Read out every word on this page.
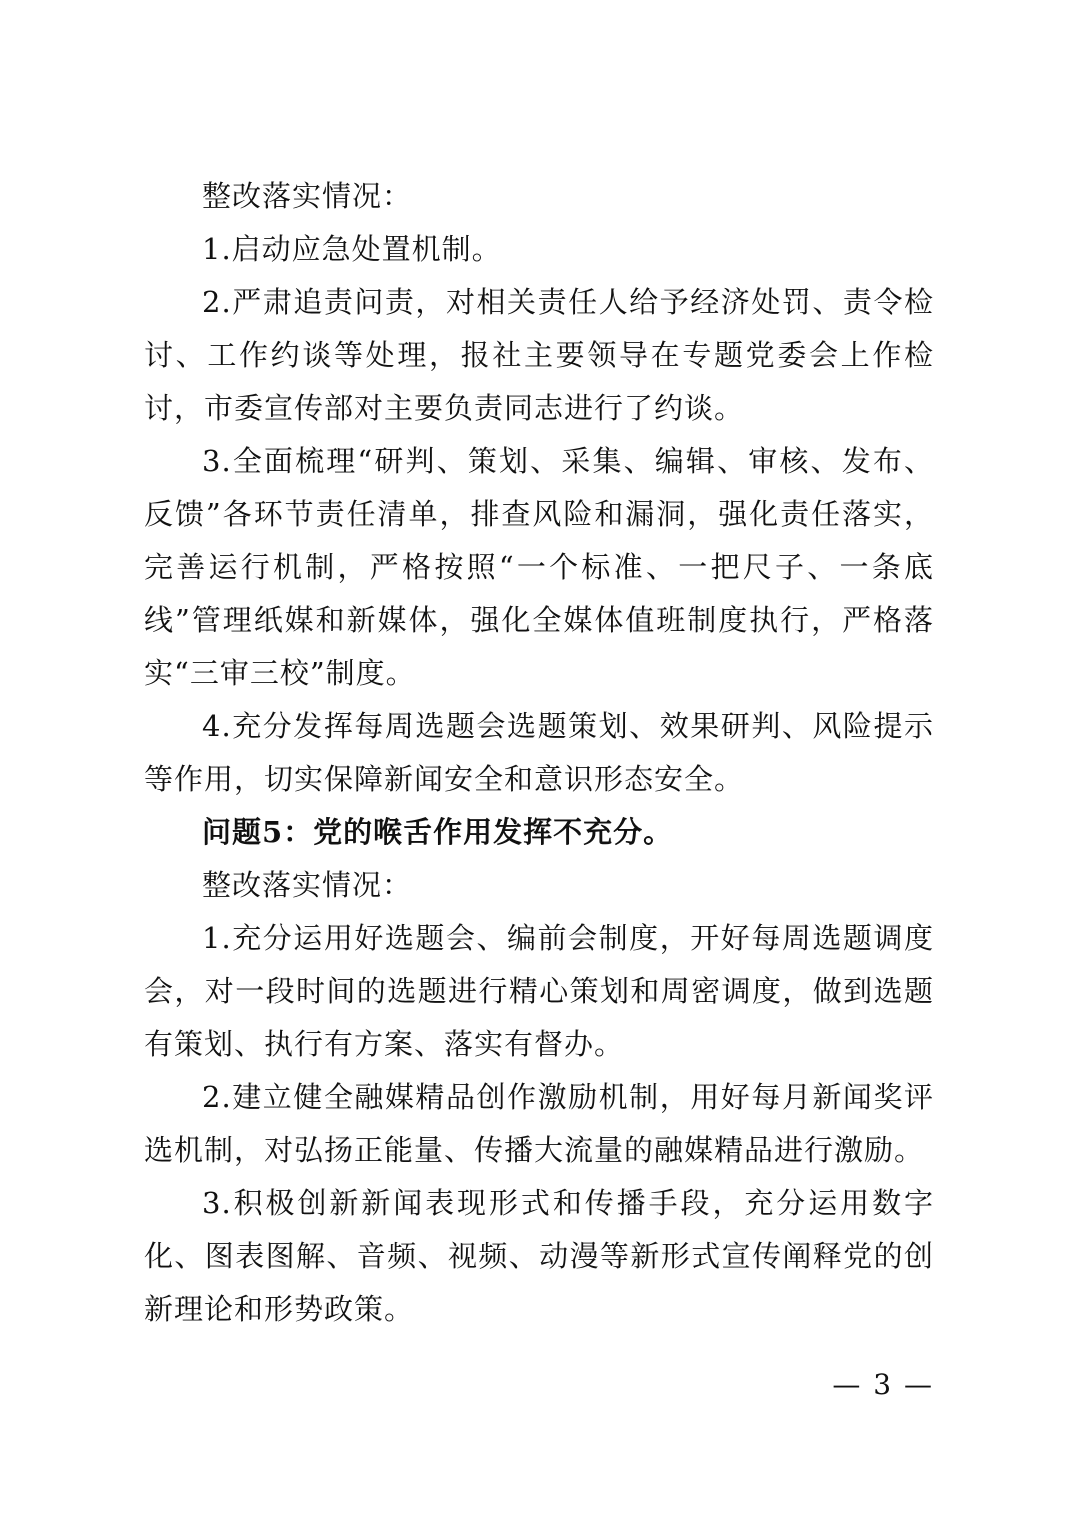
整改落实情况：

1.启动应急处置机制。

2.严肃追责问责，对相关责任人给予经济处罚、责令检讨、工作约谈等处理，报社主要领导在专题党委会上作检讨，市委宣传部对主要负责同志进行了约谈。

3.全面梳理“研判、策划、采集、编辑、审核、发布、反馈”各环节责任清单，排查风险和漏洞，强化责任落实，完善运行机制，严格按照“一个标准、一把尺子、一条底线”管理纸媒和新媒体，强化全媒体值班制度执行，严格落实“三审三校”制度。

4.充分发挥每周选题会选题策划、效果研判、风险提示等作用，切实保障新闻安全和意识形态安全。

问题5：党的喉舌作用发挥不充分。

整改落实情况：

1.充分运用好选题会、编前会制度，开好每周选题调度会，对一段时间的选题进行精心策划和周密调度，做到选题有策划、执行有方案、落实有督办。

2.建立健全融媒精品创作激励机制，用好每月新闻奖评选机制，对弘扬正能量、传播大流量的融媒精品进行激励。

3.积极创新新闻表现形式和传播手段，充分运用数字化、图表图解、音频、视频、动漫等新形式宣传阐释党的创新理论和形势政策。

— 3 —
